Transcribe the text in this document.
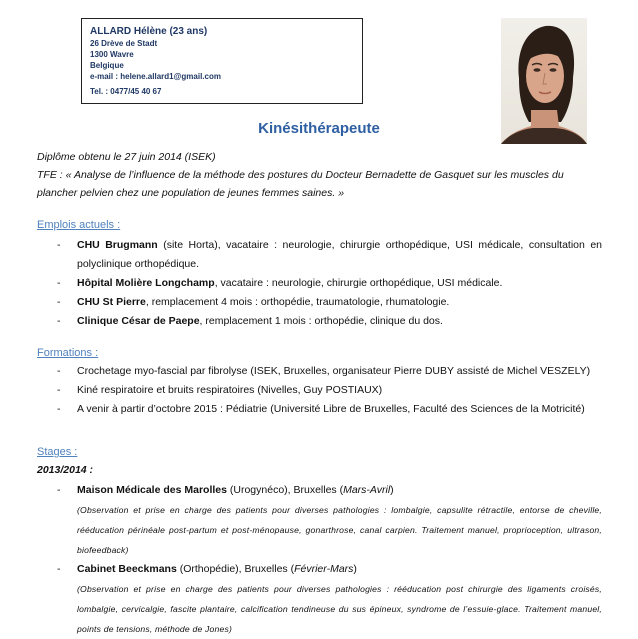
ALLARD Hélène (23 ans)
26 Drève de Stadt
1300 Wavre
Belgique
e-mail : helene.allard1@gmail.com
Tel. : 0477/45 40 67
Kinésithérapeute
Diplôme obtenu le 27 juin 2014 (ISEK)
TFE : « Analyse de l’influence de la méthode des postures du Docteur Bernadette de Gasquet sur les muscles du plancher pelvien chez une population de jeunes femmes saines. »
Emplois actuels :
- CHU Brugmann (site Horta), vacataire : neurologie, chirurgie orthopédique, USI médicale, consultation en polyclinique orthopédique.
- Hôpital Molière Longchamp, vacataire : neurologie, chirurgie orthopédique, USI médicale.
- CHU St Pierre, remplacement 4 mois : orthopédie, traumatologie, rhumatologie.
- Clinique César de Paepe, remplacement 1 mois : orthopédie, clinique du dos.
Formations :
- Crochetage myo-fascial par fibrolyse (ISEK, Bruxelles, organisateur Pierre DUBY assisté de Michel VESZELY)
- Kiné respiratoire et bruits respiratoires (Nivelles, Guy POSTIAUX)
- A venir à partir d’octobre 2015 : Pédiatrie (Université Libre de Bruxelles, Faculté des Sciences de la Motricité)
Stages :
2013/2014 :
- Maison Médicale des Marolles (Urogynéco), Bruxelles (Mars-Avril)
(Observation et prise en charge des patients pour diverses pathologies : lombalgie, capsulite rétractile, entorse de cheville, rééducation périnéale post-partum et post-ménopause, gonarthrose, canal carpien. Traitement manuel, proprioception, ultrason, biofeedback)
- Cabinet Beeckmans (Orthopédie), Bruxelles (Février-Mars)
(Observation et prise en charge des patients pour diverses pathologies : rééducation post chirurgie des ligaments croisés, lombalgie, cervicalgie, fascite plantaire, calcification tendineuse du sus épineux, syndrome de l’essuie-glace. Traitement manuel, points de tensions, méthode de Jones)
